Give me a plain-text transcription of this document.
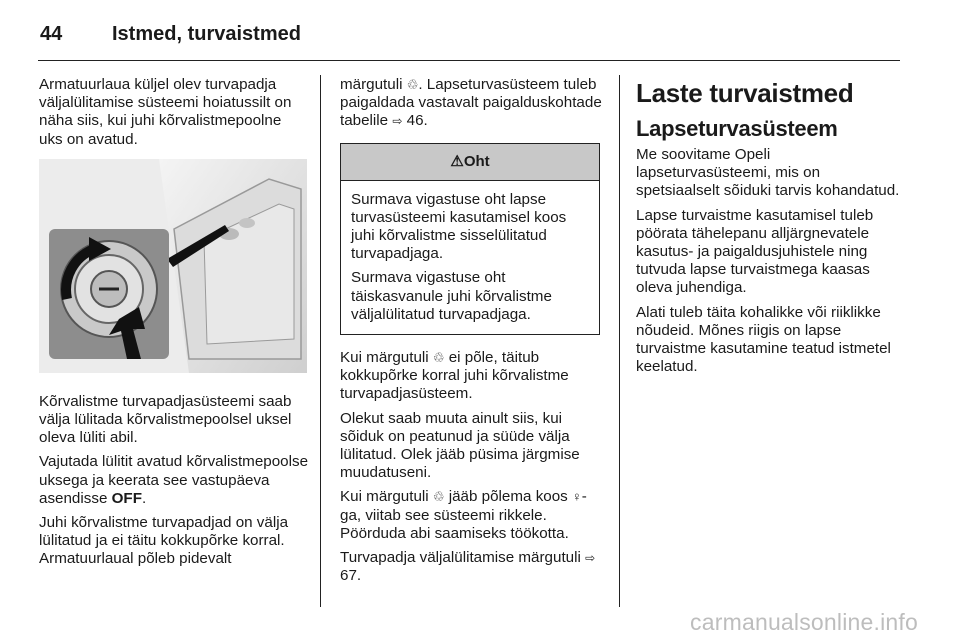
44	Istmed, turvaistmed

Armatuurlaua küljel olev turvapadja väljalülitamise süsteemi hoiatussilt on näha siis, kui juhi kõrvalistmepoolne uks on avatud.

Kõrvalistme turvapadjasüsteemi saab välja lülitada kõrvalistmepoolsel uksel oleva lüliti abil.

Vajutada lülitit avatud kõrvalistmepoolse uksega ja keerata see vastupäeva asendisse OFF.

Juhi kõrvalistme turvapadjad on välja lülitatud ja ei täitu kokkupõrke korral. Armatuurlaual põleb pidevalt

märgutuli ♲. Lapseturvasüsteem tuleb paigaldada vastavalt paigalduskohtade tabelile ⇨ 46.

⚠Oht

Surmava vigastuse oht lapse turvasüsteemi kasutamisel koos juhi kõrvalistme sisselülitatud turvapadjaga.

Surmava vigastuse oht täiskasvanule juhi kõrvalistme väljalülitatud turvapadjaga.

Kui märgutuli ♲ ei põle, täitub kokkupõrke korral juhi kõrvalistme turvapadjasüsteem.

Olekut saab muuta ainult siis, kui sõiduk on peatunud ja süüde välja lülitatud. Olek jääb püsima järgmise muudatuseni.

Kui märgutuli ♲ jääb põlema koos ♀-ga, viitab see süsteemi rikkele. Pöörduda abi saamiseks töökotta.

Turvapadja väljalülitamise märgutuli ⇨ 67.

Laste turvaistmed
Lapseturvasüsteem

Me soovitame Opeli lapseturvasüsteemi, mis on spetsiaalselt sõiduki tarvis kohandatud.

Lapse turvaistme kasutamisel tuleb pöörata tähelepanu alljärgnevatele kasutus- ja paigaldusjuhistele ning tutvuda lapse turvaistmega kaasas oleva juhendiga.

Alati tuleb täita kohalikke või riiklikke nõudeid. Mõnes riigis on lapse turvaistme kasutamine teatud istmetel keelatud.

carmanualsonline.info
